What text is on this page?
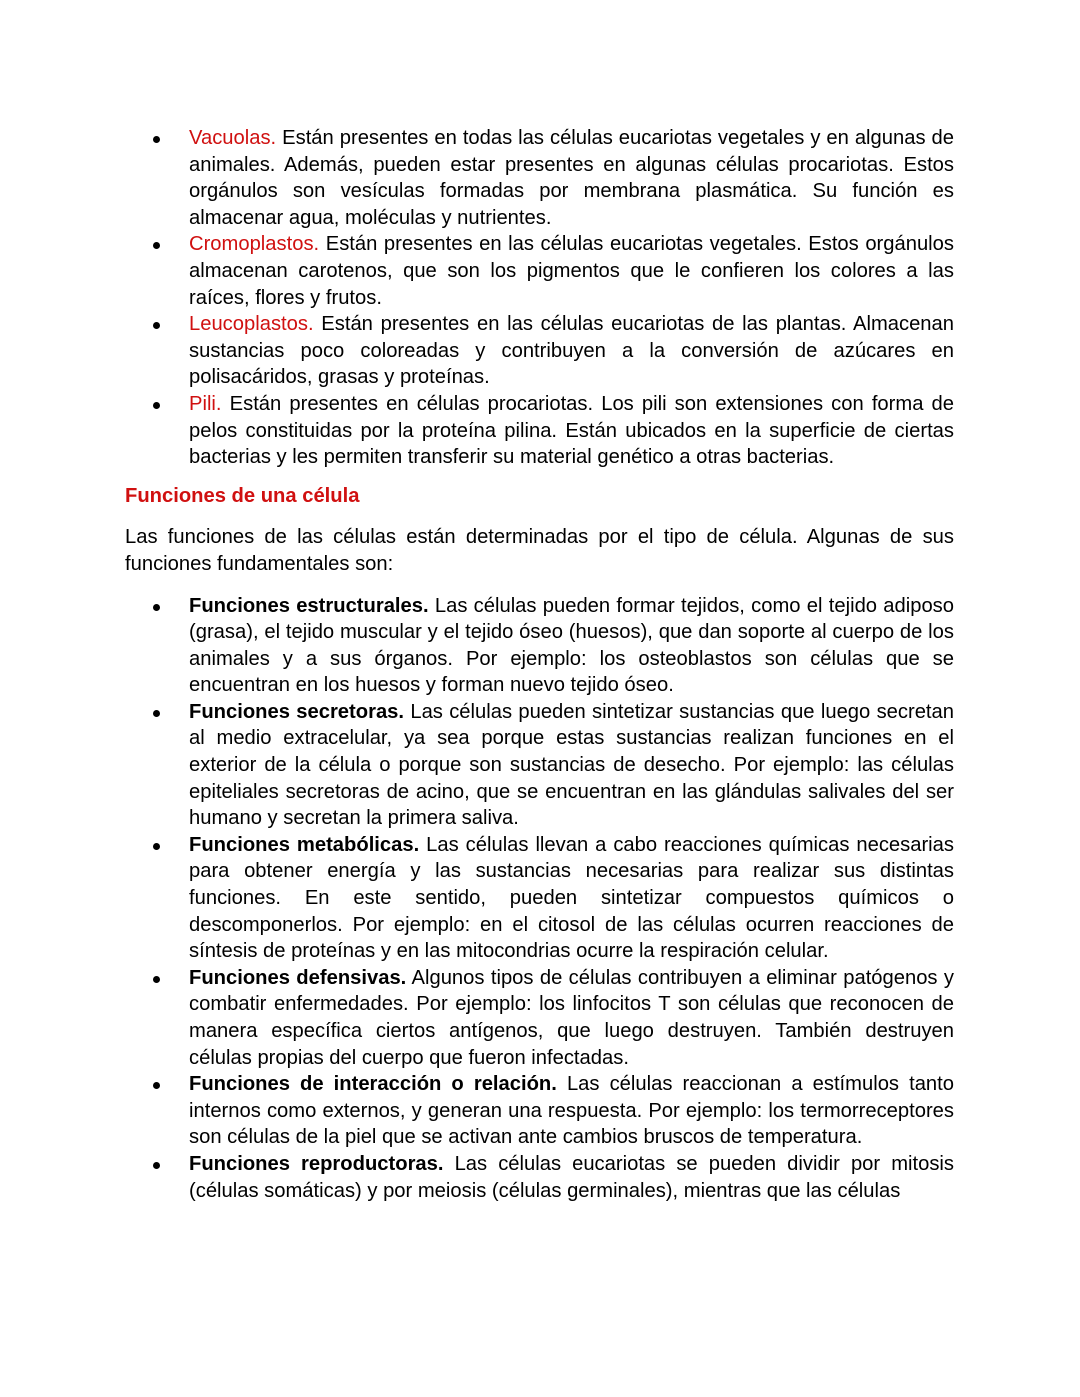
Vacuolas. Están presentes en todas las células eucariotas vegetales y en algunas de animales. Además, pueden estar presentes en algunas células procariotas. Estos orgánulos son vesículas formadas por membrana plasmática. Su función es almacenar agua, moléculas y nutrientes.
Cromoplastos. Están presentes en las células eucariotas vegetales. Estos orgánulos almacenan carotenos, que son los pigmentos que le confieren los colores a las raíces, flores y frutos.
Leucoplastos. Están presentes en las células eucariotas de las plantas. Almacenan sustancias poco coloreadas y contribuyen a la conversión de azúcares en polisacáridos, grasas y proteínas.
Pili. Están presentes en células procariotas. Los pili son extensiones con forma de pelos constituidas por la proteína pilina. Están ubicados en la superficie de ciertas bacterias y les permiten transferir su material genético a otras bacterias.
Funciones de una célula
Las funciones de las células están determinadas por el tipo de célula. Algunas de sus funciones fundamentales son:
Funciones estructurales. Las células pueden formar tejidos, como el tejido adiposo (grasa), el tejido muscular y el tejido óseo (huesos), que dan soporte al cuerpo de los animales y a sus órganos. Por ejemplo: los osteoblastos son células que se encuentran en los huesos y forman nuevo tejido óseo.
Funciones secretoras. Las células pueden sintetizar sustancias que luego secretan al medio extracelular, ya sea porque estas sustancias realizan funciones en el exterior de la célula o porque son sustancias de desecho. Por ejemplo: las células epiteliales secretoras de acino, que se encuentran en las glándulas salivales del ser humano y secretan la primera saliva.
Funciones metabólicas. Las células llevan a cabo reacciones químicas necesarias para obtener energía y las sustancias necesarias para realizar sus distintas funciones. En este sentido, pueden sintetizar compuestos químicos o descomponerlos. Por ejemplo: en el citosol de las células ocurren reacciones de síntesis de proteínas y en las mitocondrias ocurre la respiración celular.
Funciones defensivas. Algunos tipos de células contribuyen a eliminar patógenos y combatir enfermedades. Por ejemplo: los linfocitos T son células que reconocen de manera específica ciertos antígenos, que luego destruyen. También destruyen células propias del cuerpo que fueron infectadas.
Funciones de interacción o relación. Las células reaccionan a estímulos tanto internos como externos, y generan una respuesta. Por ejemplo: los termorreceptores son células de la piel que se activan ante cambios bruscos de temperatura.
Funciones reproductoras. Las células eucariotas se pueden dividir por mitosis (células somáticas) y por meiosis (células germinales), mientras que las células
